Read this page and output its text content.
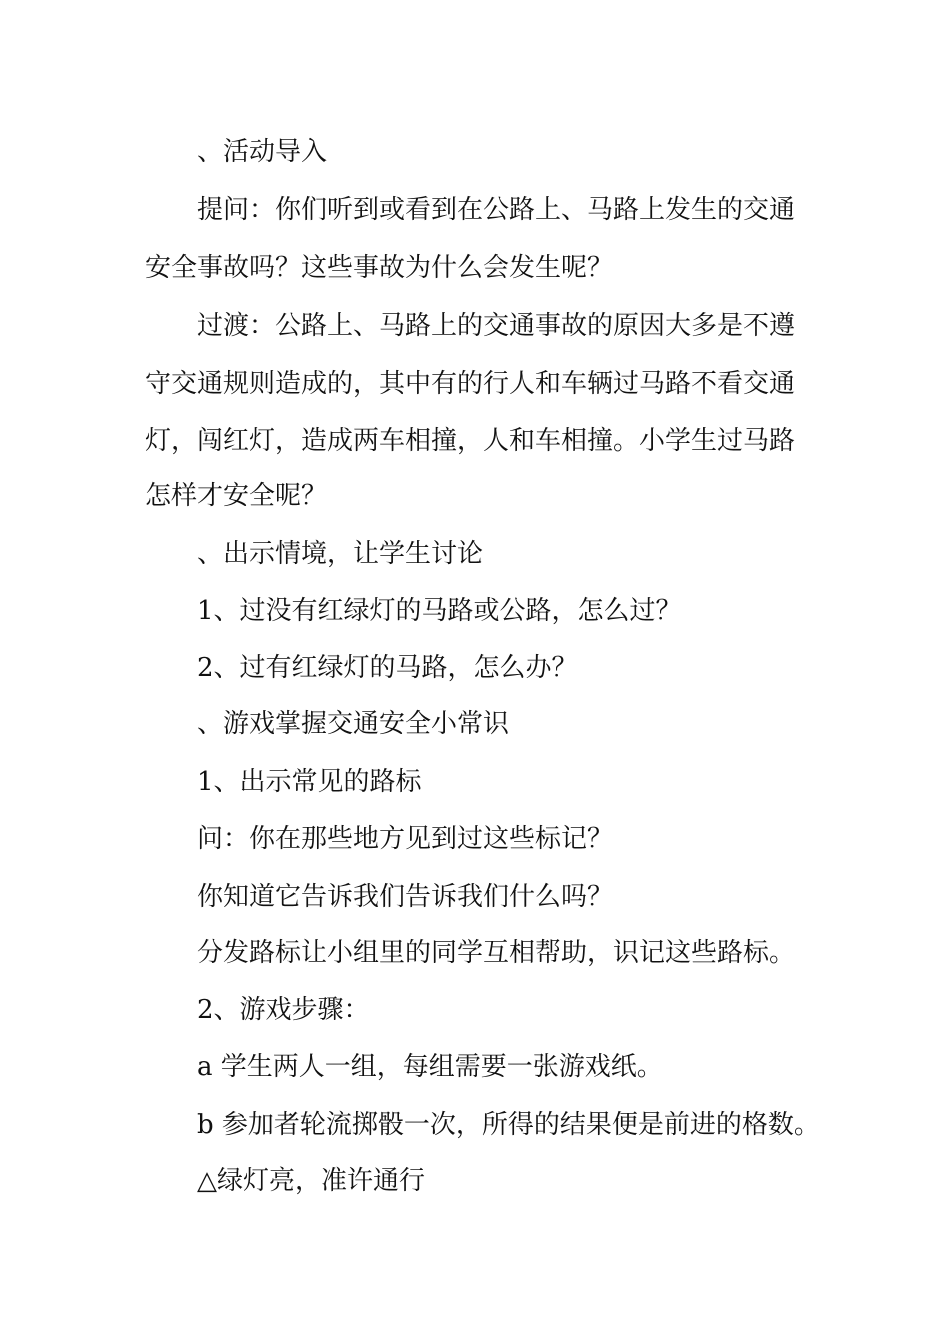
、活动导入
提问：你们听到或看到在公路上、马路上发生的交通
安全事故吗？这些事故为什么会发生呢？
过渡：公路上、马路上的交通事故的原因大多是不遵
守交通规则造成的，其中有的行人和车辆过马路不看交通
灯，闯红灯，造成两车相撞，人和车相撞。小学生过马路
怎样才安全呢？
、出示情境，让学生讨论
1、过没有红绿灯的马路或公路，怎么过？
2、过有红绿灯的马路，怎么办？
、游戏掌握交通安全小常识
1、出示常见的路标
问：你在那些地方见到过这些标记？
你知道它告诉我们告诉我们什么吗？
分发路标让小组里的同学互相帮助，识记这些路标。
2、游戏步骤：
a 学生两人一组，每组需要一张游戏纸。
b 参加者轮流掷骰一次，所得的结果便是前进的格数。
△绿灯亮，准许通行
